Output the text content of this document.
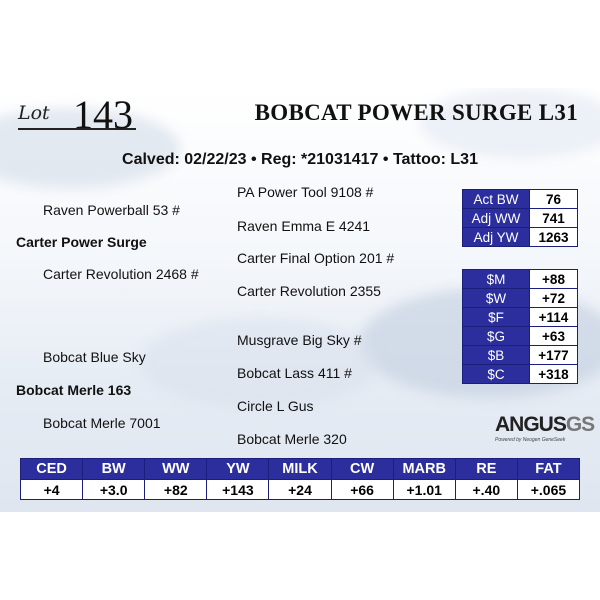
Lot 143	BOBCAT POWER SURGE L31
Calved: 02/22/23 • Reg: *21031417 • Tattoo: L31
PA Power Tool 9108 #
Raven Powerball 53 #
Raven Emma E 4241
Carter Power Surge
Carter Final Option 201 #
Carter Revolution 2468 #
Carter Revolution 2355
Musgrave Big Sky #
Bobcat Blue Sky
Bobcat Lass 411 #
Bobcat Merle 163
Circle L Gus
Bobcat Merle 7001
Bobcat Merle 320
Act BW	76
Adj WW	741
Adj YW	1263
$M	+88
$W	+72
$F	+114
$G	+63
$B	+177
$C	+318
ANGUSGS
Powered by Neogen GeneSeek
CED	BW	WW	YW	MILK	CW	MARB	RE	FAT
+4	+3.0	+82	+143	+24	+66	+1.01	+.40	+.065
